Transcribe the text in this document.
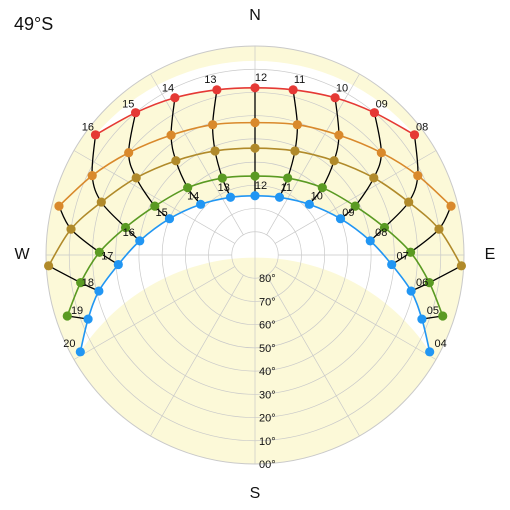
49°S	N
S
E
W
80°
70°
60°
50°
40°
30°
20°
10°
00°
04
05
06
07
08
09
10
11
12
13
14
15
16
17
18
19
20
08
09
10
11
12
13
14
15
16
